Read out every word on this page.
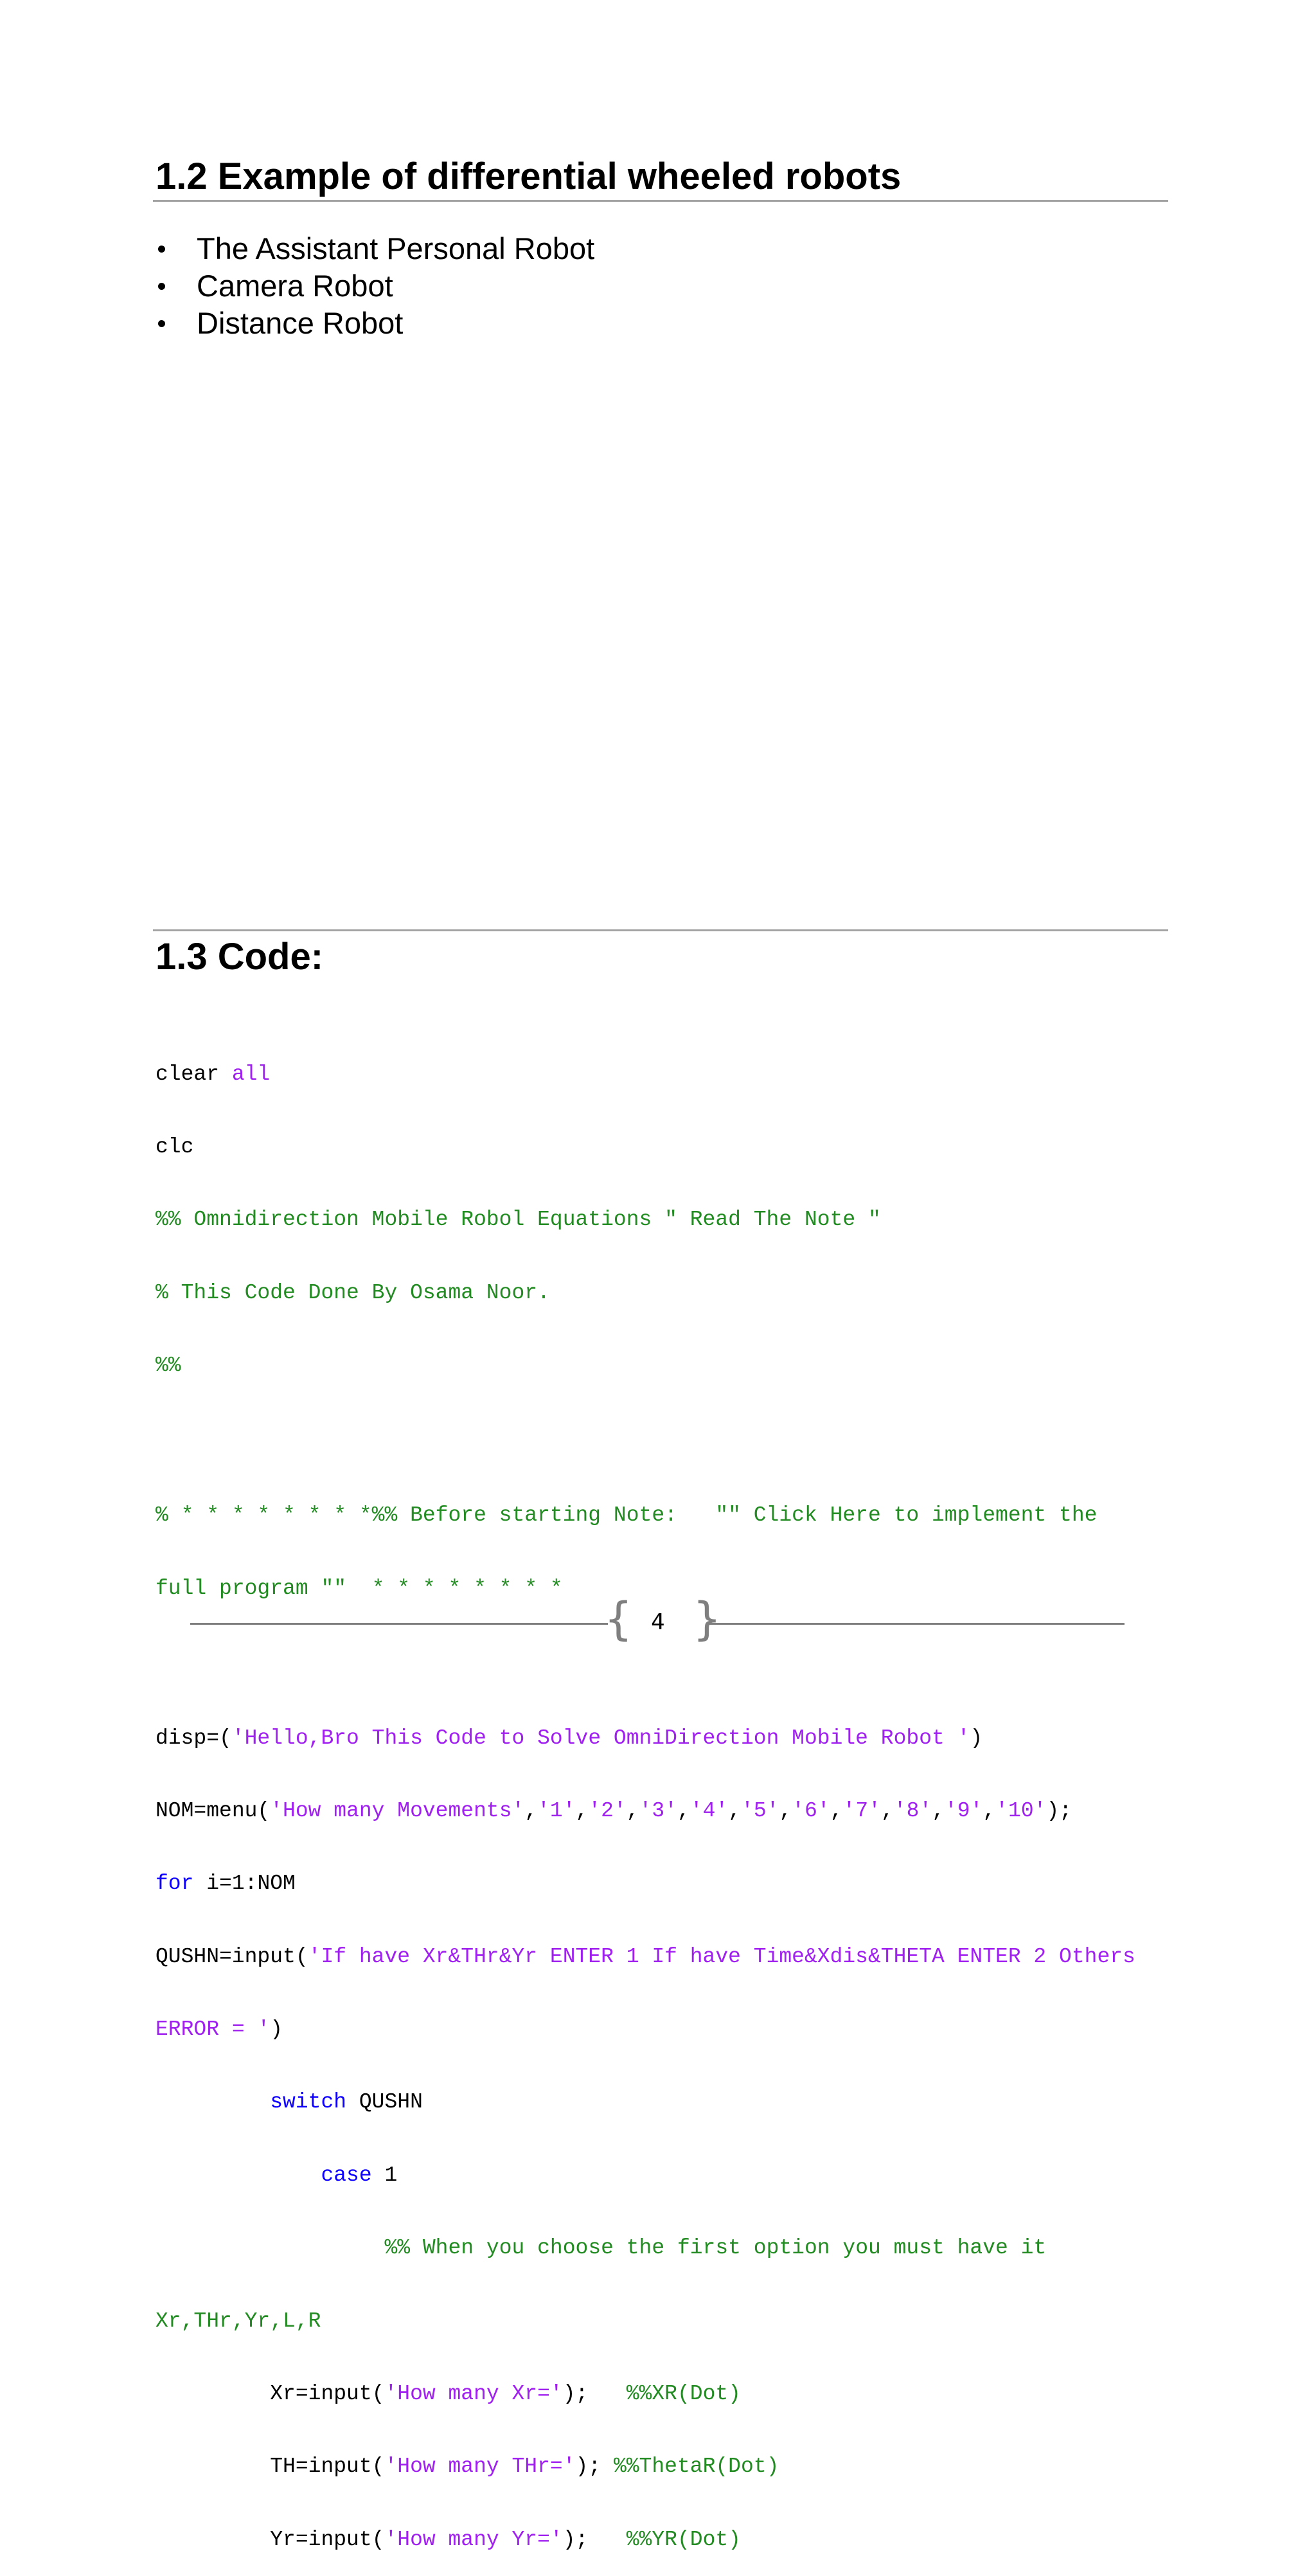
1.2 Example of differential wheeled robots
The Assistant Personal Robot
Camera Robot
Distance Robot
1.3 Code:

clear all

clc

%% Omnidirection Mobile Robol Equations " Read The Note "

% This Code Done By Osama Noor.

%%

% * * * * * * * *%% Before starting Note:   "" Click Here to implement the

full program ""  * * * * * * * *

disp=('Hello,Bro This Code to Solve OmniDirection Mobile Robot ')

NOM=menu('How many Movements','1','2','3','4','5','6','7','8','9','10');

for i=1:NOM

QUSHN=input('If have Xr&THr&Yr ENTER 1 If have Time&Xdis&THETA ENTER 2 Others

ERROR = ')

switch QUSHN

case 1

%% When you choose the first option you must have it

Xr,THr,Yr,L,R

Xr=input('How many Xr=');   %%XR(Dot)

TH=input('How many THr='); %%ThetaR(Dot)

Yr=input('How many Yr=');   %%YR(Dot)

{ 4 }
